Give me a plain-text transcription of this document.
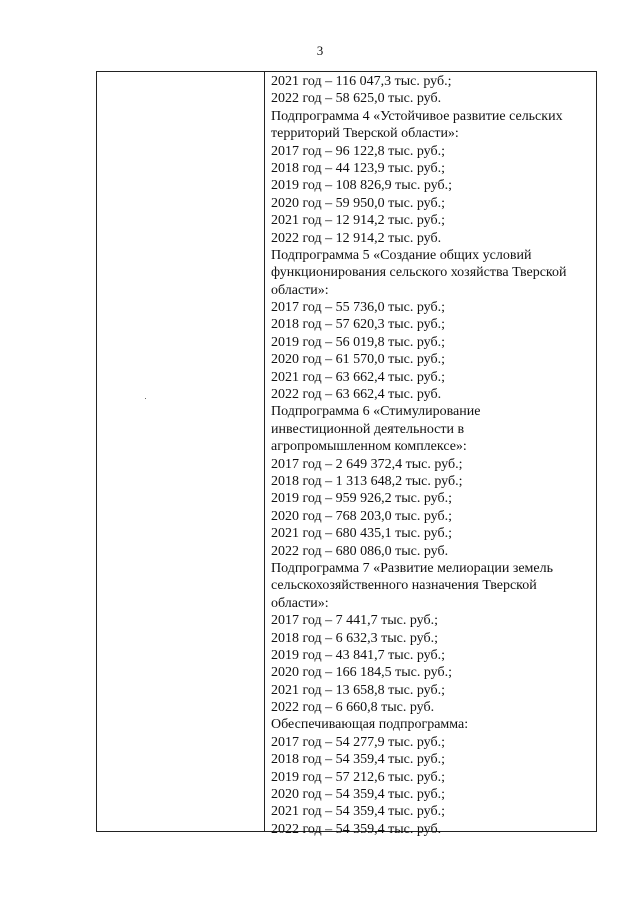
3
2021 год – 116 047,3 тыс. руб.;
2022 год – 58 625,0 тыс. руб.
Подпрограмма 4 «Устойчивое развитие сельских
территорий Тверской области»:
2017 год – 96 122,8 тыс. руб.;
2018 год – 44 123,9 тыс. руб.;
2019 год – 108 826,9 тыс. руб.;
2020 год – 59 950,0 тыс. руб.;
2021 год – 12 914,2 тыс. руб.;
2022 год – 12 914,2 тыс. руб.
Подпрограмма 5 «Создание общих условий
функционирования сельского хозяйства Тверской
области»:
2017 год – 55 736,0 тыс. руб.;
2018 год – 57 620,3 тыс. руб.;
2019 год – 56 019,8 тыс. руб.;
2020 год – 61 570,0 тыс. руб.;
2021 год – 63 662,4 тыс. руб.;
2022 год – 63 662,4 тыс. руб.
Подпрограмма 6 «Стимулирование
инвестиционной деятельности в
агропромышленном комплексе»:
2017 год – 2 649 372,4 тыс. руб.;
2018 год – 1 313 648,2 тыс. руб.;
2019 год – 959 926,2 тыс. руб.;
2020 год – 768 203,0 тыс. руб.;
2021 год – 680 435,1 тыс. руб.;
2022 год – 680 086,0 тыс. руб.
Подпрограмма 7 «Развитие мелиорации земель
сельскохозяйственного назначения Тверской
области»:
2017 год – 7 441,7 тыс. руб.;
2018 год – 6 632,3 тыс. руб.;
2019 год – 43 841,7 тыс. руб.;
2020 год – 166 184,5 тыс. руб.;
2021 год – 13 658,8 тыс. руб.;
2022 год – 6 660,8 тыс. руб.
Обеспечивающая подпрограмма:
2017 год – 54 277,9 тыс. руб.;
2018 год – 54 359,4 тыс. руб.;
2019 год – 57 212,6 тыс. руб.;
2020 год – 54 359,4 тыс. руб.;
2021 год – 54 359,4 тыс. руб.;
2022 год – 54 359,4 тыс. руб.
